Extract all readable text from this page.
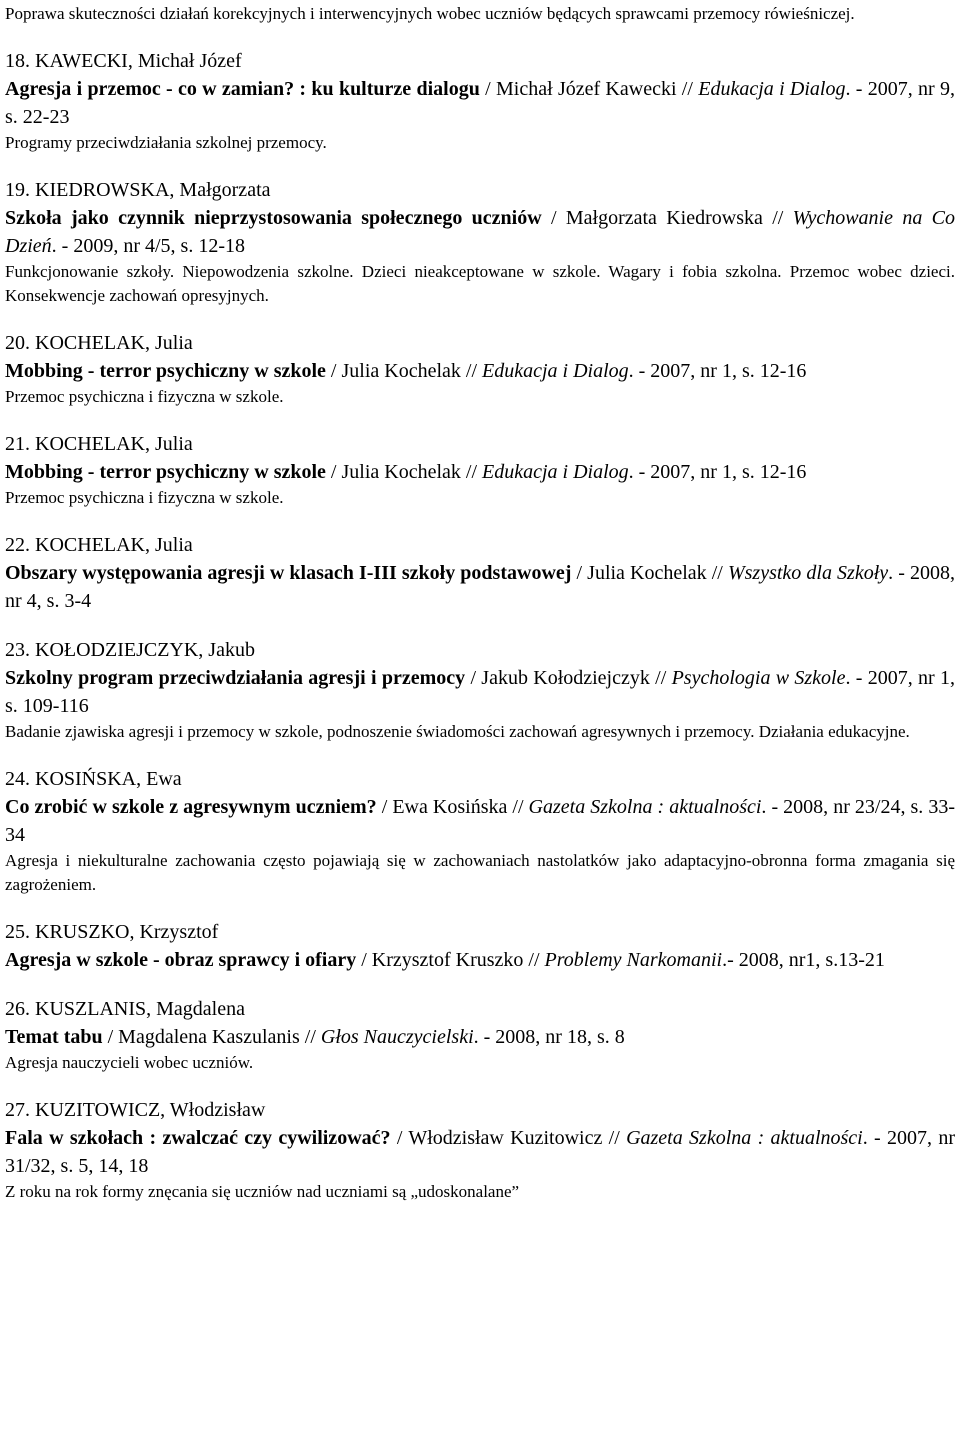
Poprawa skuteczności działań korekcyjnych i interwencyjnych wobec uczniów będących sprawcami przemocy rówieśniczej.
18. KAWECKI, Michał Józef
Agresja i przemoc - co w zamian? : ku kulturze dialogu / Michał Józef Kawecki // Edukacja i Dialog. - 2007, nr 9, s. 22-23
Programy przeciwdziałania szkolnej przemocy.
19. KIEDROWSKA, Małgorzata
Szkoła jako czynnik nieprzystosowania społecznego uczniów / Małgorzata Kiedrowska // Wychowanie na Co Dzień. - 2009, nr 4/5, s. 12-18
Funkcjonowanie szkoły. Niepowodzenia szkolne. Dzieci nieakceptowane w szkole. Wagary i fobia szkolna. Przemoc wobec dzieci. Konsekwencje zachowań opresyjnych.
20. KOCHELAK, Julia
Mobbing - terror psychiczny w szkole / Julia Kochelak // Edukacja i Dialog. - 2007, nr 1, s. 12-16
Przemoc psychiczna i fizyczna w szkole.
21. KOCHELAK, Julia
Mobbing - terror psychiczny w szkole / Julia Kochelak // Edukacja i Dialog. - 2007, nr 1, s. 12-16
Przemoc psychiczna i fizyczna w szkole.
22. KOCHELAK, Julia
Obszary występowania agresji w klasach I-III szkoły podstawowej / Julia Kochelak // Wszystko dla Szkoły. - 2008, nr 4, s. 3-4
23. KOŁODZIEJCZYK, Jakub
Szkolny program przeciwdziałania agresji i przemocy / Jakub Kołodziejczyk // Psychologia w Szkole. - 2007, nr 1, s. 109-116
Badanie zjawiska agresji i przemocy w szkole, podnoszenie świadomości zachowań agresywnych i przemocy. Działania edukacyjne.
24. KOSIŃSKA, Ewa
Co zrobić w szkole z agresywnym uczniem? / Ewa Kosińska // Gazeta Szkolna : aktualności. - 2008, nr 23/24, s. 33-34
Agresja i niekulturalne zachowania często pojawiają się w zachowaniach nastolatków jako adaptacyjno-obronna forma zmagania się zagrożeniem.
25. KRUSZKO, Krzysztof
Agresja w szkole - obraz sprawcy i ofiary / Krzysztof Kruszko // Problemy Narkomanii.- 2008, nr1, s.13-21
26. KUSZLANIS, Magdalena
Temat tabu / Magdalena Kaszulanis // Głos Nauczycielski. - 2008, nr 18, s. 8
Agresja nauczycieli wobec uczniów.
27. KUZITOWICZ, Włodzisław
Fala w szkołach : zwalczać czy cywilizować? / Włodzisław Kuzitowicz // Gazeta Szkolna : aktualności. - 2007, nr 31/32, s. 5, 14, 18
Z roku na rok formy znęcania się uczniów nad uczniami są „udoskonalane”
